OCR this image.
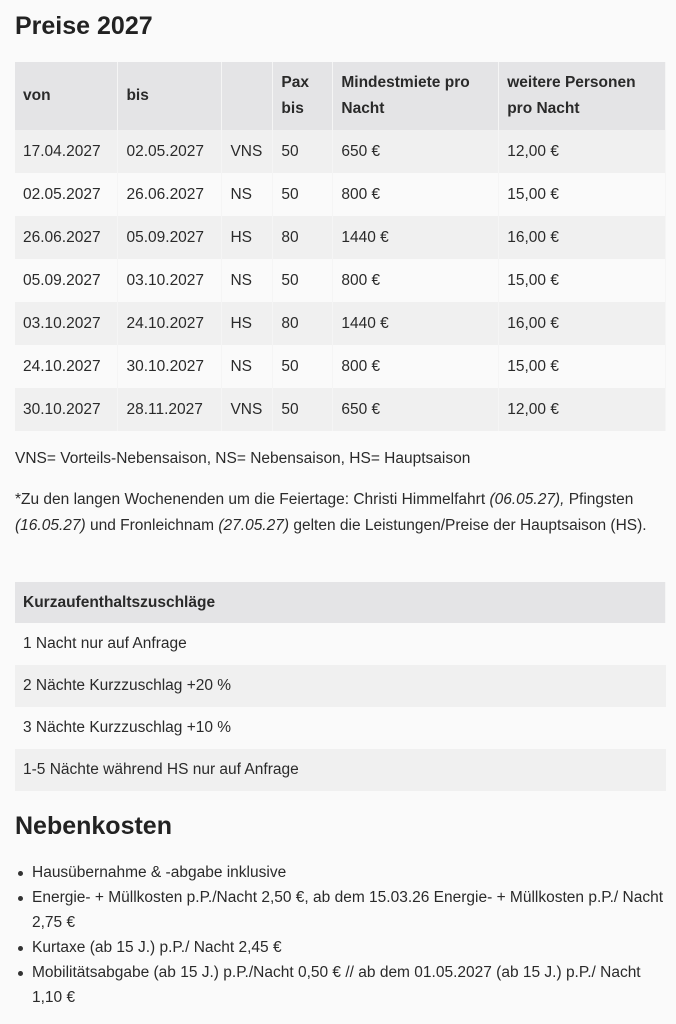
Preise 2027
von	bis		Pax bis	Mindestmiete pro Nacht	weitere Personen pro Nacht
17.04.2027	02.05.2027	VNS	50	650 €	12,00 €
02.05.2027	26.06.2027	NS	50	800 €	15,00 €
26.06.2027	05.09.2027	HS	80	1440 €	16,00 €
05.09.2027	03.10.2027	NS	50	800 €	15,00 €
03.10.2027	24.10.2027	HS	80	1440 €	16,00 €
24.10.2027	30.10.2027	NS	50	800 €	15,00 €
30.10.2027	28.11.2027	VNS	50	650 €	12,00 €

VNS= Vorteils-Nebensaison, NS= Nebensaison, HS= Hauptsaison

*Zu den langen Wochenenden um die Feiertage: Christi Himmelfahrt (06.05.27), Pfingsten (16.05.27) und Fronleichnam (27.05.27) gelten die Leistungen/Preise der Hauptsaison (HS).

Kurzaufenthaltszuschläge
1 Nacht nur auf Anfrage
2 Nächte Kurzzuschlag +20 %
3 Nächte Kurzzuschlag +10 %
1-5 Nächte während HS nur auf Anfrage
Nebenkosten
Hausübernahme & -abgabe inklusive
Energie- + Müllkosten p.P./Nacht 2,50 €, ab dem 15.03.26 Energie- + Müllkosten p.P./ Nacht 2,75 €
Kurtaxe (ab 15 J.) p.P./ Nacht 2,45 €
Mobilitätsabgabe (ab 15 J.) p.P./Nacht 0,50 € // ab dem 01.05.2027 (ab 15 J.) p.P./ Nacht 1,10 €
